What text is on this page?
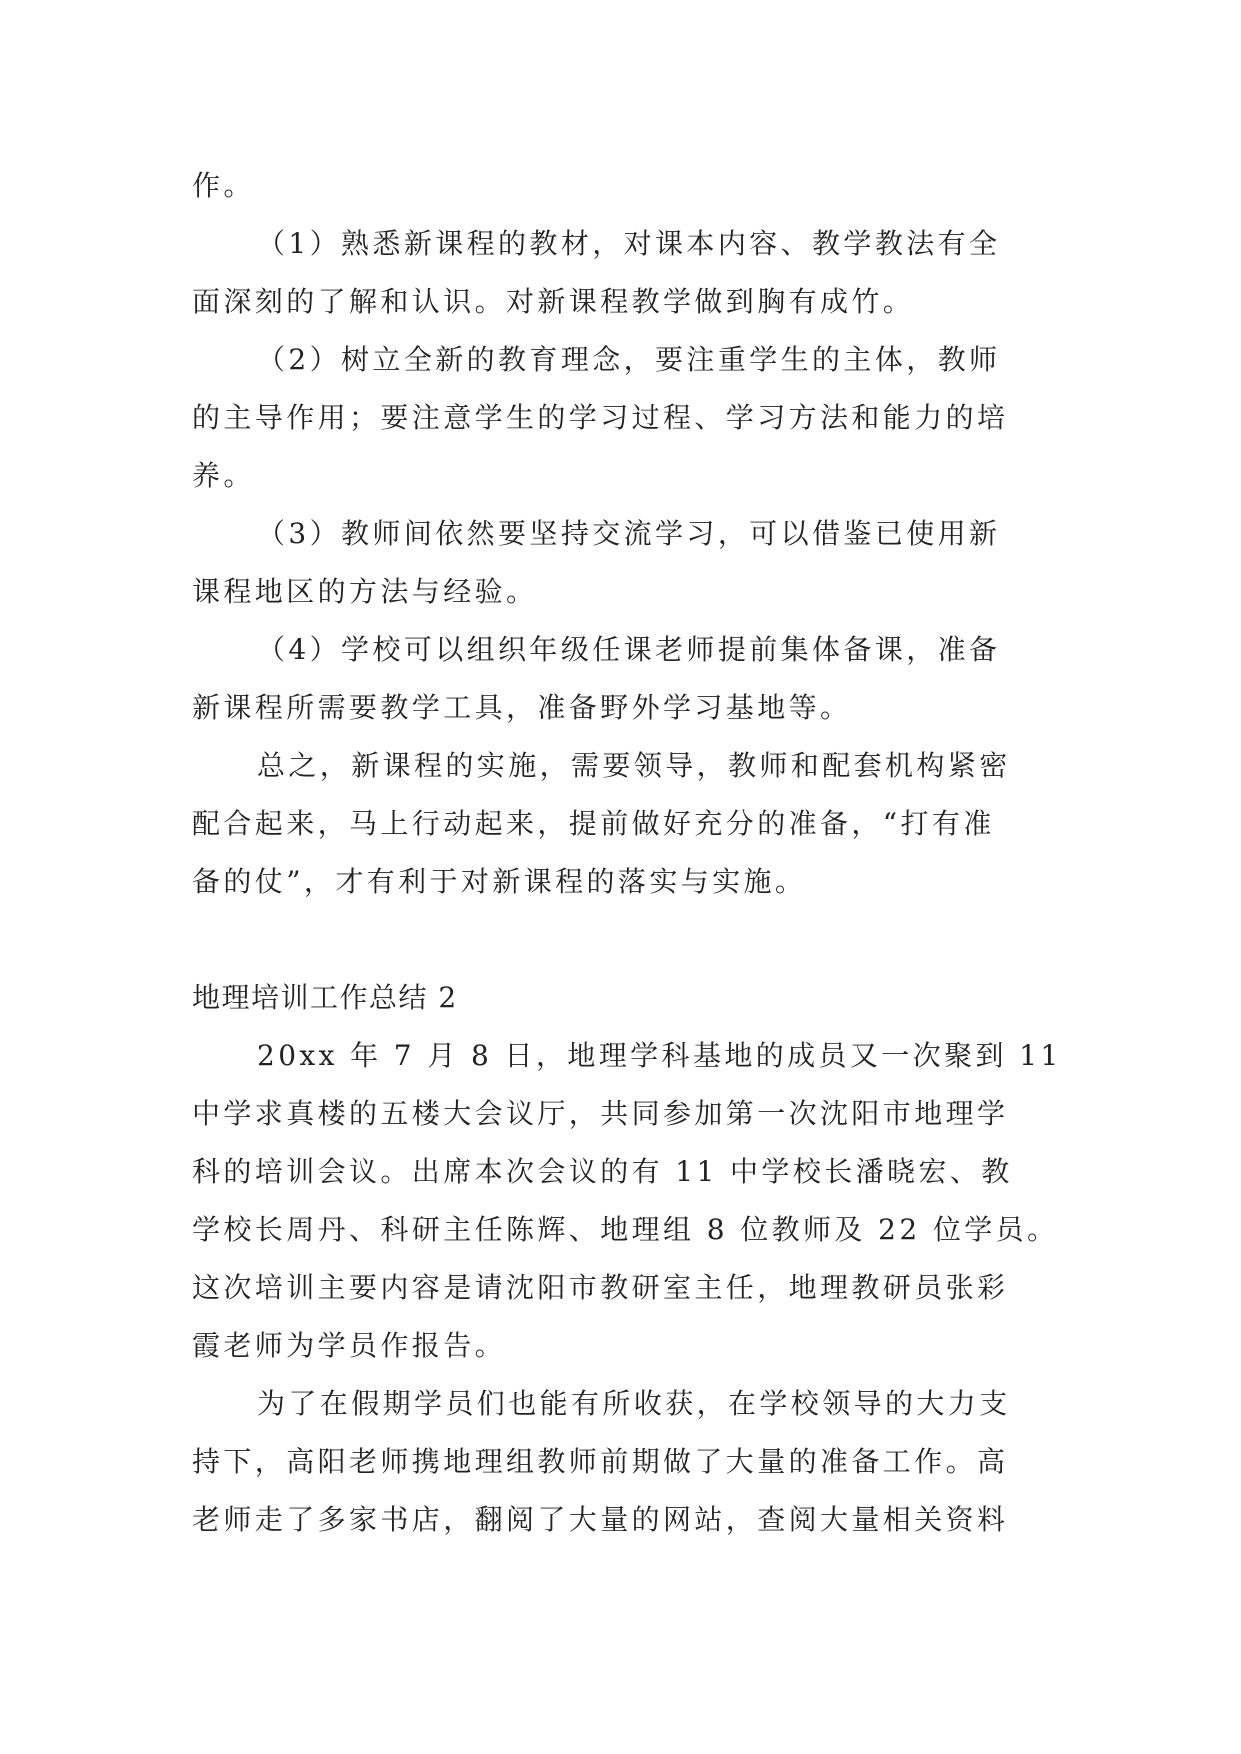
作。
（1）熟悉新课程的教材，对课本内容、教学教法有全
面深刻的了解和认识。对新课程教学做到胸有成竹。
（2）树立全新的教育理念，要注重学生的主体，教师
的主导作用；要注意学生的学习过程、学习方法和能力的培
养。
（3）教师间依然要坚持交流学习，可以借鉴已使用新
课程地区的方法与经验。
（4）学校可以组织年级任课老师提前集体备课，准备
新课程所需要教学工具，准备野外学习基地等。
总之，新课程的实施，需要领导，教师和配套机构紧密
配合起来，马上行动起来，提前做好充分的准备，“打有准
备的仗”，才有利于对新课程的落实与实施。
地理培训工作总结 2
20xx 年 7 月 8 日，地理学科基地的成员又一次聚到 11
中学求真楼的五楼大会议厅，共同参加第一次沈阳市地理学
科的培训会议。出席本次会议的有 11 中学校长潘晓宏、教
学校长周丹、科研主任陈辉、地理组 8 位教师及 22 位学员。
这次培训主要内容是请沈阳市教研室主任，地理教研员张彩
霞老师为学员作报告。
为了在假期学员们也能有所收获，在学校领导的大力支
持下，高阳老师携地理组教师前期做了大量的准备工作。高
老师走了多家书店，翻阅了大量的网站，查阅大量相关资料
